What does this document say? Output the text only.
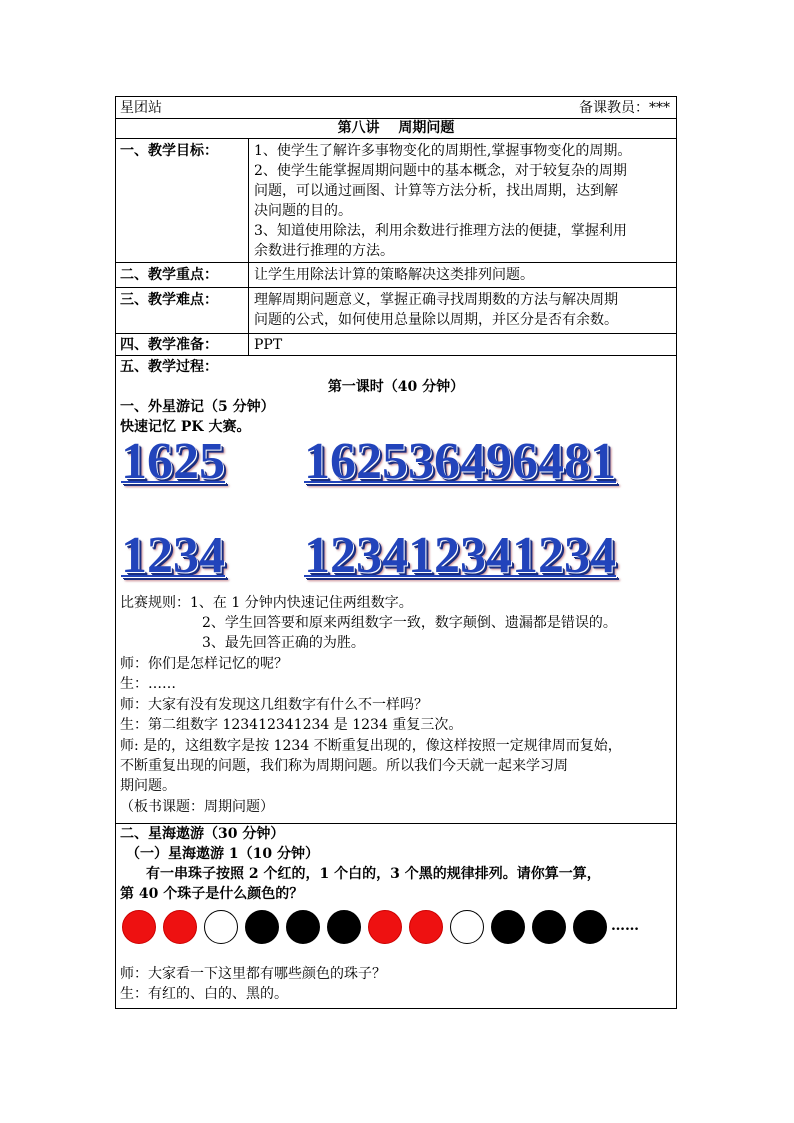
星团站	备课教员：***
第八讲　 周期问题
一、教学目标：	1、使学生了解许多事物变化的周期性,掌握事物变化的周期。
2、使学生能掌握周期问题中的基本概念，对于较复杂的周期
问题，可以通过画图、计算等方法分析，找出周期，达到解
决问题的目的。
3、知道使用除法，利用余数进行推理方法的便捷，掌握利用
余数进行推理的方法。
二、教学重点：	让学生用除法计算的策略解决这类排列问题。
三、教学难点：	理解周期问题意义，掌握正确寻找周期数的方法与解决周期
问题的公式，如何使用总量除以周期，并区分是否有余数。
四、教学准备：	PPT
五、教学过程：
第一课时（40 分钟）
一、外星游记（5 分钟）
快速记忆 PK 大赛。
1625 162536496481
1234 123412341234
比赛规则：1、在 1 分钟内快速记住两组数字。
2、学生回答要和原来两组数字一致，数字颠倒、遗漏都是错误的。
3、最先回答正确的为胜。
师：你们是怎样记忆的呢？
生：……
师：大家有没有发现这几组数字有什么不一样吗？
生：第二组数字 123412341234 是 1234 重复三次。
师: 是的，这组数字是按 1234 不断重复出现的，像这样按照一定规律周而复始，
不断重复出现的问题，我们称为周期问题。所以我们今天就一起来学习周
期问题。
（板书课题：周期问题）
二、星海遨游（30 分钟）
（一）星海遨游 1（10 分钟）
有一串珠子按照 2 个红的，1 个白的，3 个黑的规律排列。请你算一算，
第 40 个珠子是什么颜色的？
……
师：大家看一下这里都有哪些颜色的珠子？
生：有红的、白的、黑的。
